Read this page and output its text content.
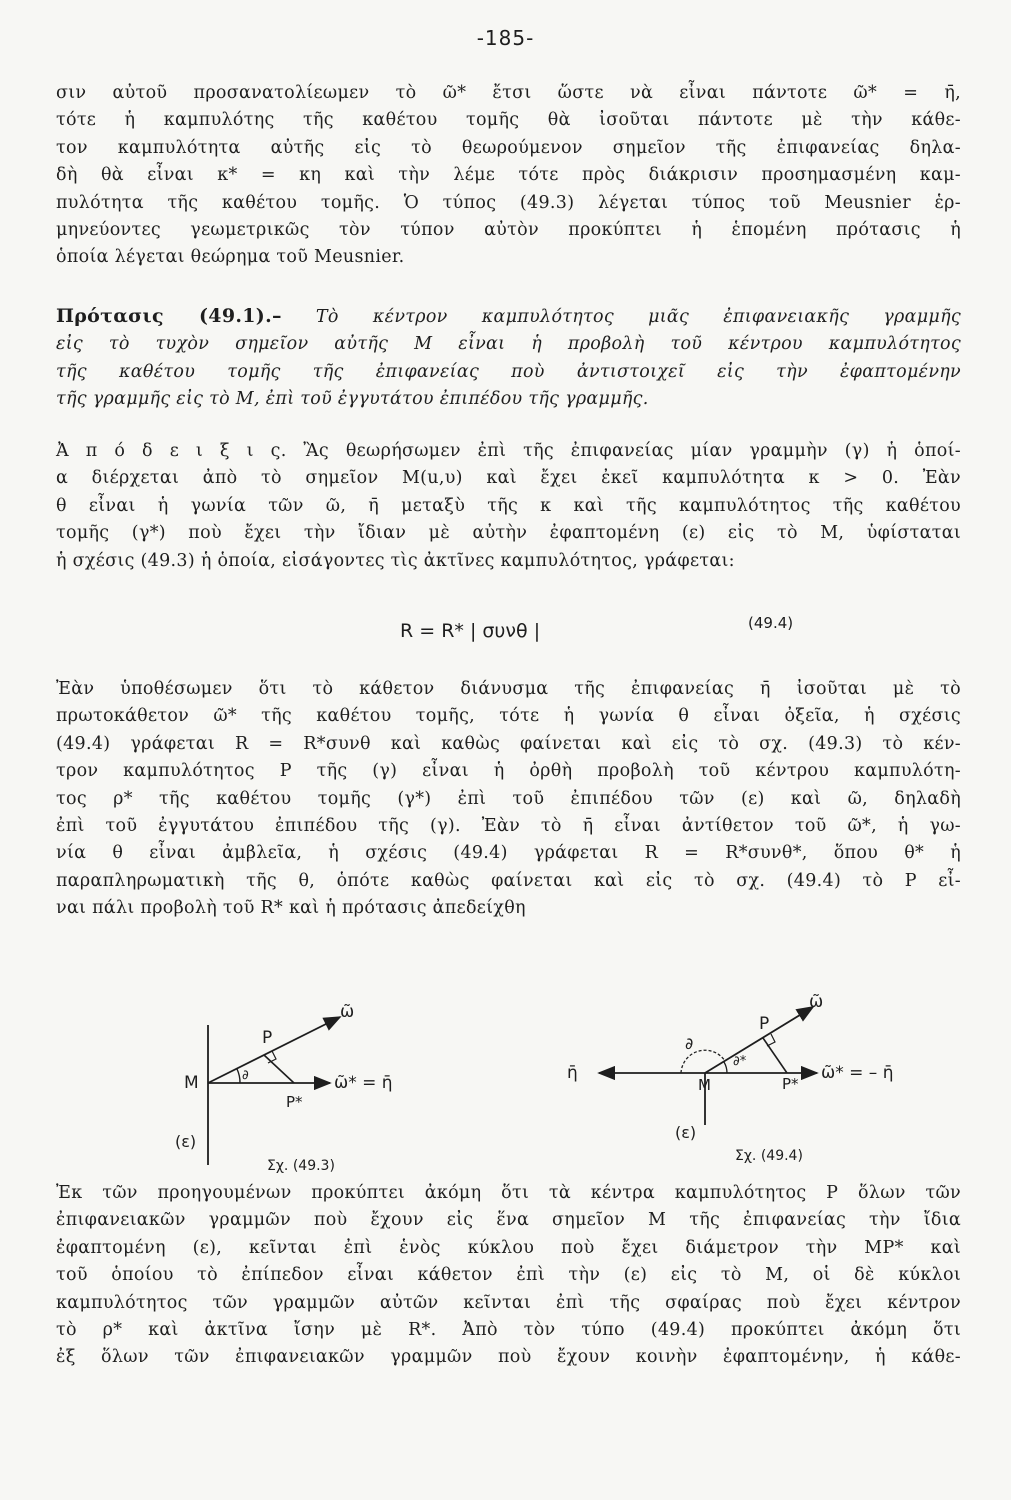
-185-
σιν αὐτοῦ προσανατολίεωμεν τὸ ῶ* ἔτσι ὥστε νὰ εἶναι πάντοτε ῶ* = η̄,
τότε ἡ καμπυλότης τῆς καθέτου τομῆς θὰ ἰσοῦται πάντοτε μὲ τὴν κάθε-
τον καμπυλότητα αὐτῆς εἰς τὸ θεωρούμενον σημεῖον τῆς ἐπιφανείας δηλα-
δὴ θὰ εἶναι κ* = κη καὶ τὴν λέμε τότε πρὸς διάκρισιν προσημασμένη καμ-
πυλότητα τῆς καθέτου τομῆς. Ὁ τύπος (49.3) λέγεται τύπος τοῦ Meusnier ἑρ-
μηνεύοντες γεωμετρικῶς τὸν τύπον αὐτὸν προκύπτει ἡ ἑπομένη πρότασις ἡ
ὁποία λέγεται θεώρημα τοῦ Meusnier.
Πρότασις (49.1).– Τὸ κέντρον καμπυλότητος μιᾶς ἐπιφανειακῆς γραμμῆς
εἰς τὸ τυχὸν σημεῖον αὐτῆς Μ εἶναι ἡ προβολὴ τοῦ κέντρου καμπυλότητος
τῆς καθέτου τομῆς τῆς ἐπιφανείας ποὺ ἀντιστοιχεῖ εἰς τὴν ἐφαπτομένην
τῆς γραμμῆς εἰς τὸ Μ, ἐπὶ τοῦ ἐγγυτάτου ἐπιπέδου τῆς γραμμῆς.
Ἀ π ό δ ε ι ξ ι ς. Ἂς θεωρήσωμεν ἐπὶ τῆς ἐπιφανείας μίαν γραμμὴν (γ) ἡ ὁποί-
α διέρχεται ἀπὸ τὸ σημεῖον Μ(u,υ) καὶ ἔχει ἐκεῖ καμπυλότητα κ > 0. Ἐὰν
θ εἶναι ἡ γωνία τῶν ῶ, η̄ μεταξὺ τῆς κ καὶ τῆς καμπυλότητος τῆς καθέτου
τομῆς (γ*) ποὺ ἔχει τὴν ἴδιαν μὲ αὐτὴν ἐφαπτομένη (ε) εἰς τὸ Μ, ὑφίσταται
ἡ σχέσις (49.3) ἡ ὁποία, εἰσάγοντες τὶς ἀκτῖνες καμπυλότητος, γράφεται:
R = R* | συνθ |	(49.4)
Ἐὰν ὑποθέσωμεν ὅτι τὸ κάθετον διάνυσμα τῆς ἐπιφανείας η̄ ἰσοῦται μὲ τὸ
πρωτοκάθετον ῶ* τῆς καθέτου τομῆς, τότε ἡ γωνία θ εἶναι ὀξεῖα, ἡ σχέσις
(49.4) γράφεται R = R*συνθ καὶ καθὼς φαίνεται καὶ εἰς τὸ σχ. (49.3) τὸ κέν-
τρον καμπυλότητος Ρ τῆς (γ) εἶναι ἡ ὀρθὴ προβολὴ τοῦ κέντρου καμπυλότη-
τος ρ* τῆς καθέτου τομῆς (γ*) ἐπὶ τοῦ ἐπιπέδου τῶν (ε) καὶ ῶ, δηλαδὴ
ἐπὶ τοῦ ἐγγυτάτου ἐπιπέδου τῆς (γ). Ἐὰν τὸ η̄ εἶναι ἀντίθετον τοῦ ῶ*, ἡ γω-
νία θ εἶναι ἀμβλεῖα, ἡ σχέσις (49.4) γράφεται R = R*συνθ*, ὅπου θ* ἡ
παραπληρωματικὴ τῆς θ, ὁπότε καθὼς φαίνεται καὶ εἰς τὸ σχ. (49.4) τὸ Ρ εἶ-
ναι πάλι προβολὴ τοῦ R* καὶ ἡ πρότασις ἀπεδείχθη
M
P
P*
∂
ῶ
ῶ* = η̄
(ε)
Σχ. (49.3)
M
P
P*
∂
∂*
ῶ
ῶ* = – η̄
η̄
(ε)
Σχ. (49.4)
Ἐκ τῶν προηγουμένων προκύπτει ἀκόμη ὅτι τὰ κέντρα καμπυλότητος Ρ ὅλων τῶν
ἐπιφανειακῶν γραμμῶν ποὺ ἔχουν εἰς ἕνα σημεῖον Μ τῆς ἐπιφανείας τὴν ἴδια
ἐφαπτομένη (ε), κεῖνται ἐπὶ ἑνὸς κύκλου ποὺ ἔχει διάμετρον τὴν ΜΡ* καὶ
τοῦ ὁποίου τὸ ἐπίπεδον εἶναι κάθετον ἐπὶ τὴν (ε) εἰς τὸ Μ, οἱ δὲ κύκλοι
καμπυλότητος τῶν γραμμῶν αὐτῶν κεῖνται ἐπὶ τῆς σφαίρας ποὺ ἔχει κέντρον
τὸ ρ* καὶ ἀκτῖνα ἴσην μὲ R*. Ἀπὸ τὸν τύπο (49.4) προκύπτει ἀκόμη ὅτι
ἐξ ὅλων τῶν ἐπιφανειακῶν γραμμῶν ποὺ ἔχουν κοινὴν ἐφαπτομένην, ἡ κάθε-
